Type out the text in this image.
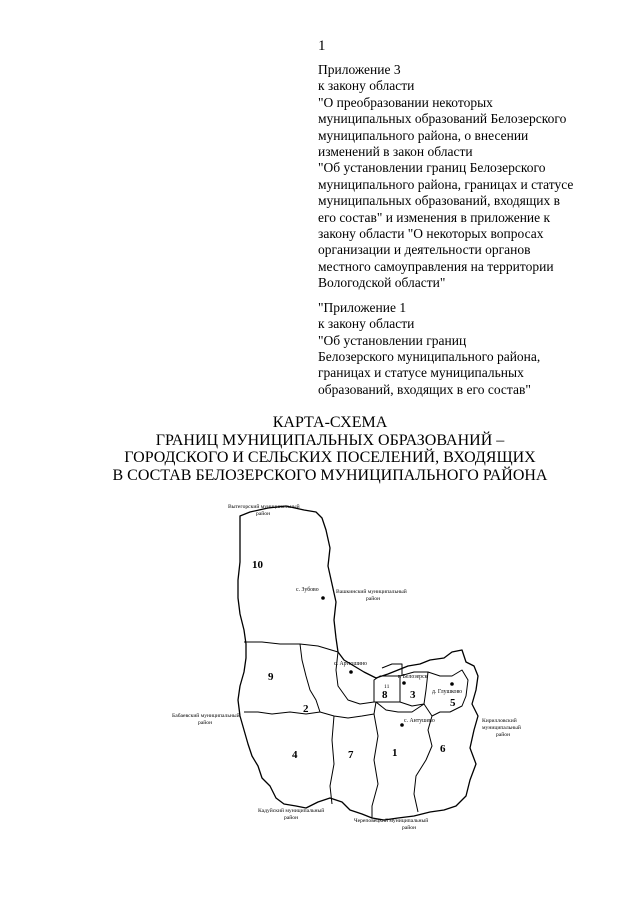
1
Приложение 3
к закону области
"О преобразовании некоторых
муниципальных образований Белозерского
муниципального района, о внесении
изменений в закон области
"Об установлении границ Белозерского
муниципального района, границах и статусе
муниципальных образований, входящих в
его состав" и изменения в приложение к
закону области "О некоторых вопросах
организации и деятельности органов
местного самоуправления на территории
Вологодской области"
"Приложение 1
к закону области
"Об установлении границ
Белозерского муниципального района,
границах и статусе муниципальных
образований, входящих в его состав"
КАРТА-СХЕМА
ГРАНИЦ МУНИЦИПАЛЬНЫХ ОБРАЗОВАНИЙ –
ГОРОДСКОГО И СЕЛЬСКИХ ПОСЕЛЕНИЙ, ВХОДЯЩИХ
В СОСТАВ БЕЛОЗЕРСКОГО МУНИЦИПАЛЬНОГО РАЙОНА
10
9
2
8 3
5
4	7	1	6
11
с. Зубово
с. Артюшино
г. Белозерск
д. Глушково
с. Антушево
Вытегорский муниципальный
район
Вашкинский муниципальный
район
Бабаевский муниципальный
район	Кирилловский
муниципальный
район
Кадуйский муниципальный
район	Череповецкий муниципальный
район
